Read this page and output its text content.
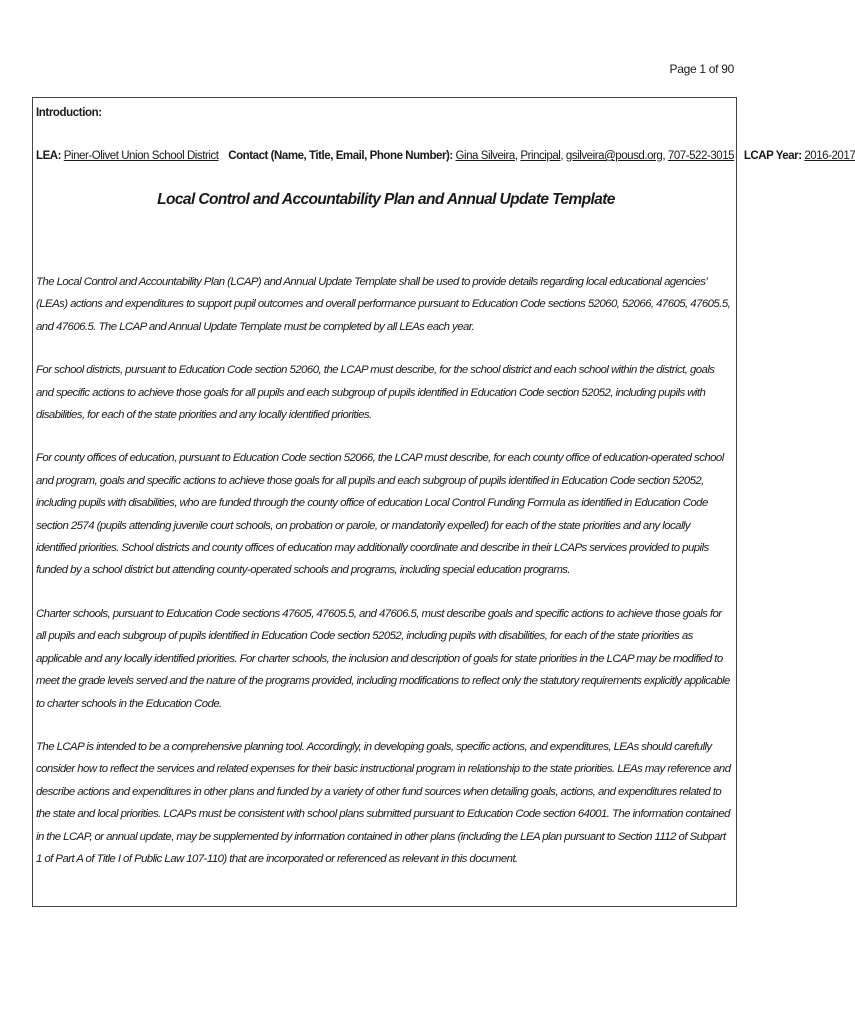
Page 1 of 90

Introduction:

LEA: Piner-Olivet Union School District Contact (Name, Title, Email, Phone Number): Gina Silveira, Principal, gsilveira@pousd.org, 707-522-3015 LCAP Year: 2016-2017
Local Control and Accountability Plan and Annual Update Template

The Local Control and Accountability Plan (LCAP) and Annual Update Template shall be used to provide details regarding local educational agencies’ (LEAs) actions and expenditures to support pupil outcomes and overall performance pursuant to Education Code sections 52060, 52066, 47605, 47605.5, and 47606.5. The LCAP and Annual Update Template must be completed by all LEAs each year.

For school districts, pursuant to Education Code section 52060, the LCAP must describe, for the school district and each school within the district, goals and specific actions to achieve those goals for all pupils and each subgroup of pupils identified in Education Code section 52052, including pupils with disabilities, for each of the state priorities and any locally identified priorities.

For county offices of education, pursuant to Education Code section 52066, the LCAP must describe, for each county office of education-operated school and program, goals and specific actions to achieve those goals for all pupils and each subgroup of pupils identified in Education Code section 52052, including pupils with disabilities, who are funded through the county office of education Local Control Funding Formula as identified in Education Code section 2574 (pupils attending juvenile court schools, on probation or parole, or mandatorily expelled) for each of the state priorities and any locally identified priorities. School districts and county offices of education may additionally coordinate and describe in their LCAPs services provided to pupils funded by a school district but attending county-operated schools and programs, including special education programs.

Charter schools, pursuant to Education Code sections 47605, 47605.5, and 47606.5, must describe goals and specific actions to achieve those goals for all pupils and each subgroup of pupils identified in Education Code section 52052, including pupils with disabilities, for each of the state priorities as applicable and any locally identified priorities. For charter schools, the inclusion and description of goals for state priorities in the LCAP may be modified to meet the grade levels served and the nature of the programs provided, including modifications to reflect only the statutory requirements explicitly applicable to charter schools in the Education Code.

The LCAP is intended to be a comprehensive planning tool. Accordingly, in developing goals, specific actions, and expenditures, LEAs should carefully consider how to reflect the services and related expenses for their basic instructional program in relationship to the state priorities. LEAs may reference and describe actions and expenditures in other plans and funded by a variety of other fund sources when detailing goals, actions, and expenditures related to the state and local priorities. LCAPs must be consistent with school plans submitted pursuant to Education Code section 64001. The information contained in the LCAP, or annual update, may be supplemented by information contained in other plans (including the LEA plan pursuant to Section 1112 of Subpart 1 of Part A of Title I of Public Law 107-110) that are incorporated or referenced as relevant in this document.
